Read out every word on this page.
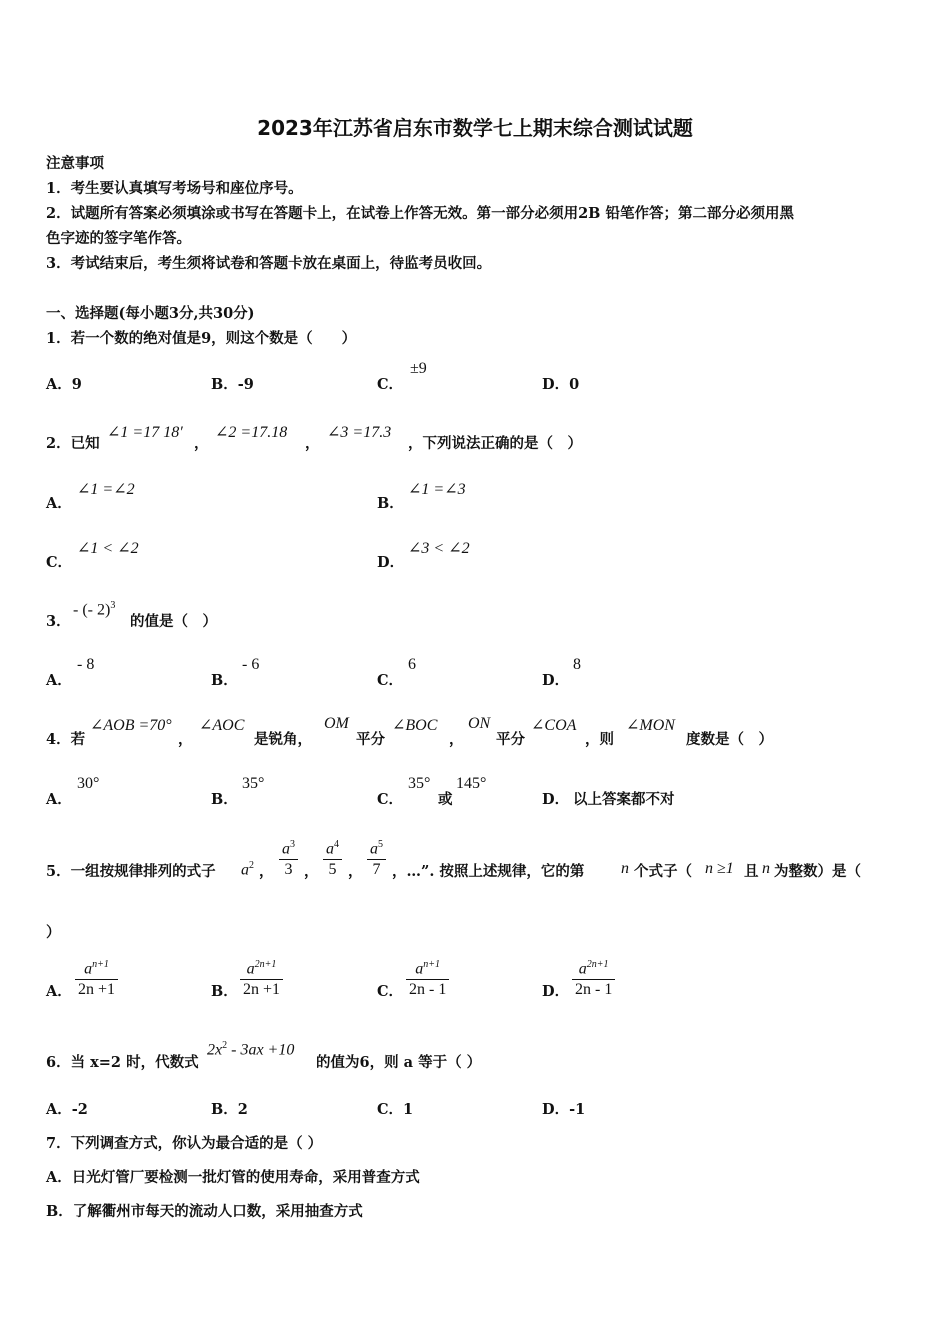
2023年江苏省启东市数学七上期末综合测试试题
注意事项
1．考生要认真填写考场号和座位序号。
2．试题所有答案必须填涂或书写在答题卡上，在试卷上作答无效。第一部分必须用2B 铅笔作答；第二部分必须用黑
色字迹的签字笔作答。
3．考试结束后，考生须将试卷和答题卡放在桌面上，待监考员收回。
一、选择题(每小题3分,共30分)
1．若一个数的绝对值是9，则这个数是（　　）
A．9	B．-9	C．
±9
D．0
2．已知
∠1 =17 18′
，
∠2 =17.18
，
∠3 =17.3
，下列说法正确的是（　）
A．
∠1 =∠2
B．
∠1 =∠3
C．
∠1 < ∠2
D．
∠3 < ∠2
3．
- (- 2)$^3$
的值是（　）
A．
- 8
B．
- 6
C．
6
D．
8
4．若
∠AOB =70°
，
∠AOC
是锐角，
OM
平分
∠BOC
，
ON
平分
∠COA
，则
∠MON
度数是（　）
A．
30°
B．
35°
C．
35°
或
145°
D． 以上答案都不对
5．一组按规律排列的式子 $a^2$ ， $\frac{a^3}{3}$ ， $\frac{a^4}{5}$ ， $\frac{a^5}{7}$ ，…”. 按照上述规律，它的第 n 个式子（ n ≥1 且 n 为整数）是（
）
A． $\frac{a^{n+1}}{2n +1}$	B． $\frac{a^{2n+1}}{2n +1}$	C． $\frac{a^{n+1}}{2n - 1}$	D． $\frac{a^{2n+1}}{2n - 1}$
6．当 x=2 时，代数式
$2x^2 - 3ax +10$
的值为6，则 a 等于（ ）
A．-2	B．2	C．1	D．-1
7．下列调查方式，你认为最合适的是（ ）
A．日光灯管厂要检测一批灯管的使用寿命，采用普查方式
B．了解衢州市每天的流动人口数，采用抽查方式
